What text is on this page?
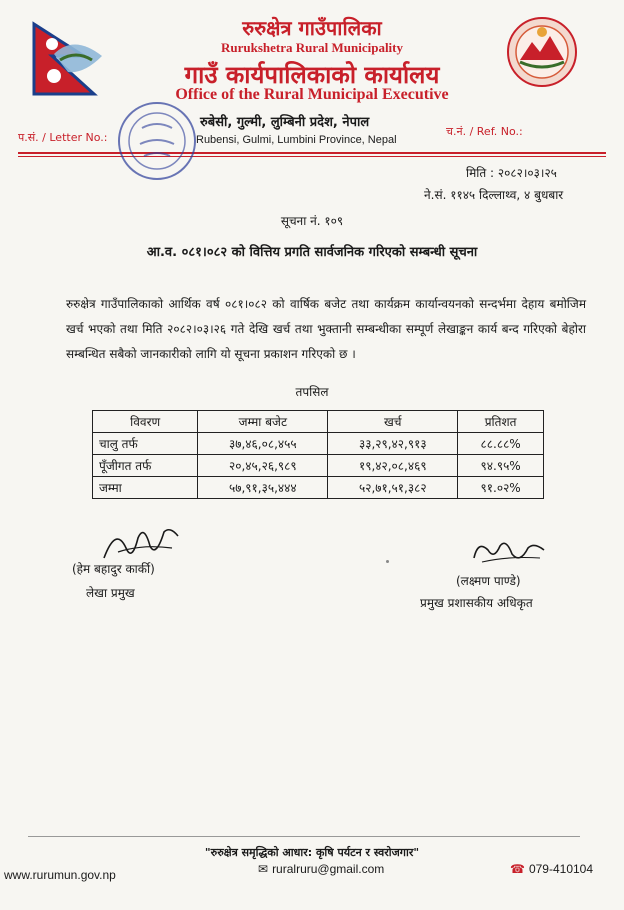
रुरुक्षेत्र गाउँपालिका
Rurukshetra Rural Municipality
गाउँ कार्यपालिकाको कार्यालय
Office of the Rural Municipal Executive
रुबेसी, गुल्मी, लुम्बिनी प्रदेश, नेपाल
Rubensi, Gulmi, Lumbini Province, Nepal
प.सं. / Letter No.:	च.नं. / Ref. No.:
मिति : २०८२।०३।२५
ने.सं. ११४५ दिल्लाथ्व, ४ बुधबार
सूचना नं. १०९
आ.व. ०८१।०८२ को वित्तिय प्रगति सार्वजनिक गरिएको सम्बन्धी सूचना
रुरुक्षेत्र गाउँपालिकाको आर्थिक वर्ष ०८१।०८२ को वार्षिक बजेट तथा कार्यक्रम कार्यान्वयनको सन्दर्भमा देहाय बमोजिम खर्च भएको तथा मिति २०८२।०३।२६ गते देखि खर्च तथा भुक्तानी सम्बन्धीका सम्पूर्ण लेखाङ्कन कार्य बन्द गरिएको बेहोरा सम्बन्धित सबैको जानकारीको लागि यो सूचना प्रकाशन गरिएको छ ।
तपसिल
विवरण	जम्मा बजेट	खर्च	प्रतिशत
चालु तर्फ	३७,४६,०८,४५५	३३,२९,४२,९१३	८८.८८%
पूँजीगत तर्फ	२०,४५,२६,९८९	१९,४२,०८,४६९	९४.९५%
जम्मा	५७,९१,३५,४४४	५२,७१,५१,३८२	९१.०२%
(हेम बहादुर कार्की)
लेखा प्रमुख
(लक्ष्मण पाण्डे)
प्रमुख प्रशासकीय अधिकृत
"रुरुक्षेत्र समृद्धिको आधार: कृषि पर्यटन र स्वरोजगार"
www.rurumun.gov.np	✉ ruralruru@gmail.com	☎ 079-410104
